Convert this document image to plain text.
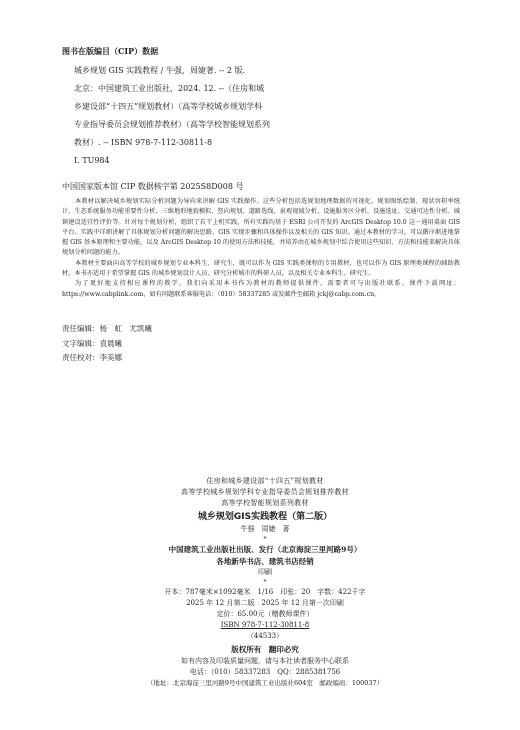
图书在版编目（CIP）数据
城乡规划 GIS 实践教程 / 牛强，周婕著. -- 2 版.
北京：中国建筑工业出版社，2024. 12. --（住房和城
乡建设部“十四五”规划教材）（高等学校城乡规划学科
专业指导委员会规划推荐教材）（高等学校智能规划系列
教材）. -- ISBN 978-7-112-30811-8
Ⅰ. TU984
中国国家版本馆 CIP 数据核字第 2025S8D008 号

本教材以解决城乡规划实际分析问题为导向来讲解 GIS 实践操作。这些分析包括选规划地理数据的可视化、规划图纸绘制、现状容积率统计、生态系统服务功能重要性分析、三维地形地貌模拟、竖向规划、道路选线、景观视域分析、设施服务区分析、设施选址、交通可达性分析、城镇建设适宜性评价等。针对每个规划分析，组织了若干上机实践，所有实践均基于 ESRI 公司开发的 ArcGIS Desktop 10.0 这一通用桌面 GIS 平台。实践中详细讲解了具体规划分析问题的解决思路、GIS 实现步骤和具体操作以及相关的 GIS 知识。通过本教材的学习，可以循序渐进地掌握 GIS 基本原理和主要功能，以及 ArcGIS Desktop 10 的使用方法和技能，并培养由在城乡规划中综合使用这些知识、方法和技能来解决具体规划分析问题的能力。

本教材主要面向高等学校的城乡规划专业本科生、研究生，既可以作为 GIS 实践类课程的专用教材，也可以作为 GIS 原理类课程的辅助教材。本书亦适用于希望掌握 GIS 的城乡规划设计人员、研究分析城市的科研人员，以及相关专业本科生、研究生。

为了更好地支持相应课程的教学，我们向采用本书作为教材的教师提供课件，需要者可与出版社联系。课件下载网址：https://www.cabplink.com，如有问题联系客服电话：（010）58337285 或发邮件至邮箱 jckj@cabp.com.cn。

责任编辑：杨　虹　尤凯曦
文字编辑：袁晨曦
责任校对：李美娜
住房和城乡建设部“十四五”规划教材
高等学校城乡规划学科专业指导委员会规划推荐教材
高等学校智能规划系列教材
城乡规划GIS实践教程（第二版）
牛强　周婕　著
*
中国建筑工业出版社出版、发行（北京海淀三里河路9号）
各地新华书店、建筑书店经销
印刷
*
开本：787毫米×1092毫米　1/16　印张：20　字数：422千字
2025 年 12 月第二版　2025 年 12 月第一次印刷
定价：65.00元（赠教师课件）
ISBN 978-7-112-30811-8
（44533）
版权所有　翻印必究
如有内容及印装质量问题，请与本社读者服务中心联系
电话：（010）58337283　QQ：2885381756
（地址：北京海淀三里河路9号中国建筑工业出版社604室　邮政编码：100037）
